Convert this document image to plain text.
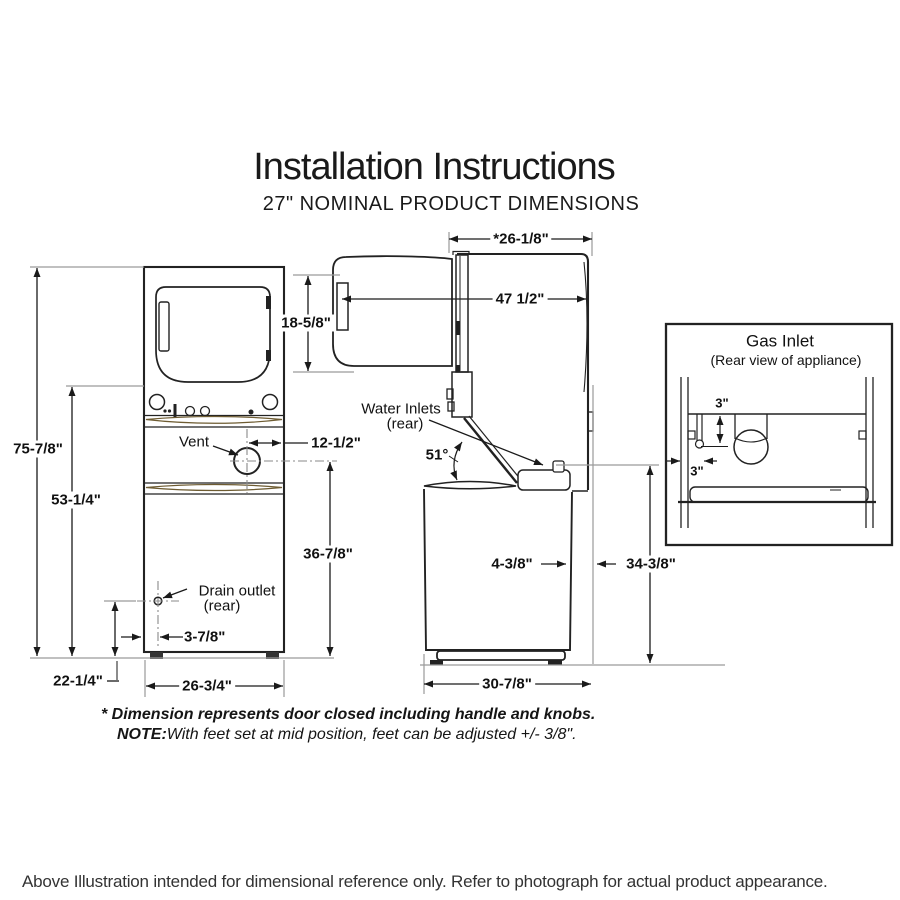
Installation Instructions
27" NOMINAL PRODUCT DIMENSIONS
75-7/8"
53-1/4"
22-1/4"	26-3/4"
Vent	12-1/2"
36-7/8"
Drain outlet
(rear)
3-7/8"
18-5/8"
*26-1/8"
47 1/2"
Water Inlets
(rear)
51°
4-3/8"	34-3/8"
30-7/8"
Gas Inlet
(Rear view of appliance)
3"
3"
* Dimension represents door closed including handle and knobs.
NOTE:With feet set at mid position, feet can be adjusted +/- 3/8".
Above Illustration intended for dimensional reference only. Refer to photograph for actual product appearance.
